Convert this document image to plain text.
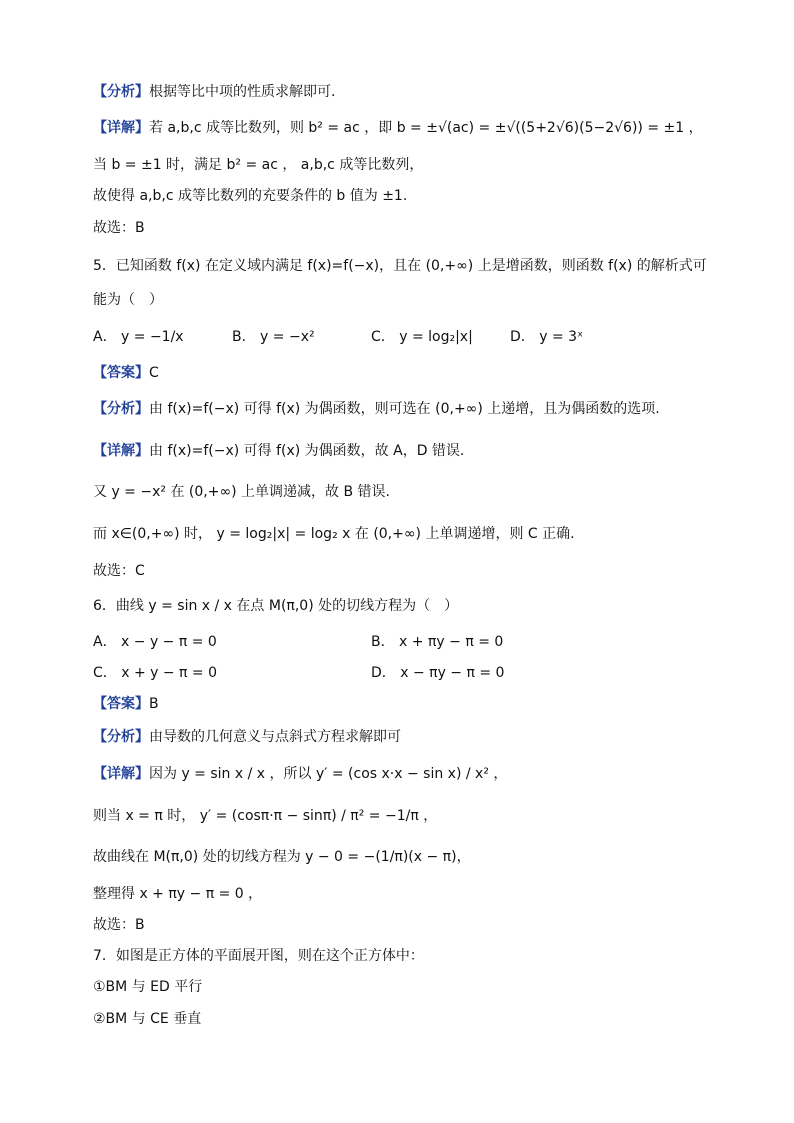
【分析】根据等比中项的性质求解即可.
【详解】若 a,b,c 成等比数列，则 b² = ac ，即 b = ±√(ac) = ±√((5+2√6)(5−2√6)) = ±1 ，
当 b = ±1 时，满足 b² = ac ， a,b,c 成等比数列，
故使得 a,b,c 成等比数列的充要条件的 b 值为 ±1.
故选：B
5．已知函数 f(x) 在定义域内满足 f(x)=f(−x)，且在 (0,+∞) 上是增函数，则函数 f(x) 的解析式可
能为（　）
A． y = −1/x	B． y = −x²	C． y = log₂|x|	D． y = 3ˣ
【答案】C
【分析】由 f(x)=f(−x) 可得 f(x) 为偶函数，则可选在 (0,+∞) 上递增，且为偶函数的选项.
【详解】由 f(x)=f(−x) 可得 f(x) 为偶函数，故 A，D 错误.
又 y = −x² 在 (0,+∞) 上单调递减，故 B 错误.
而 x∈(0,+∞) 时， y = log₂|x| = log₂ x 在 (0,+∞) 上单调递增，则 C 正确.
故选：C
6．曲线 y = sin x / x 在点 M(π,0) 处的切线方程为（　）
A． x − y − π = 0	B． x + πy − π = 0
C． x + y − π = 0	D． x − πy − π = 0
【答案】B
【分析】由导数的几何意义与点斜式方程求解即可
【详解】因为 y = sin x / x ，所以 y′ = (cos x·x − sin x) / x² ，
则当 x = π 时， y′ = (cosπ·π − sinπ) / π² = −1/π ，
故曲线在 M(π,0) 处的切线方程为 y − 0 = −(1/π)(x − π)，
整理得 x + πy − π = 0 ，
故选：B
7．如图是正方体的平面展开图，则在这个正方体中：
①BM 与 ED 平行
②BM 与 CE 垂直
